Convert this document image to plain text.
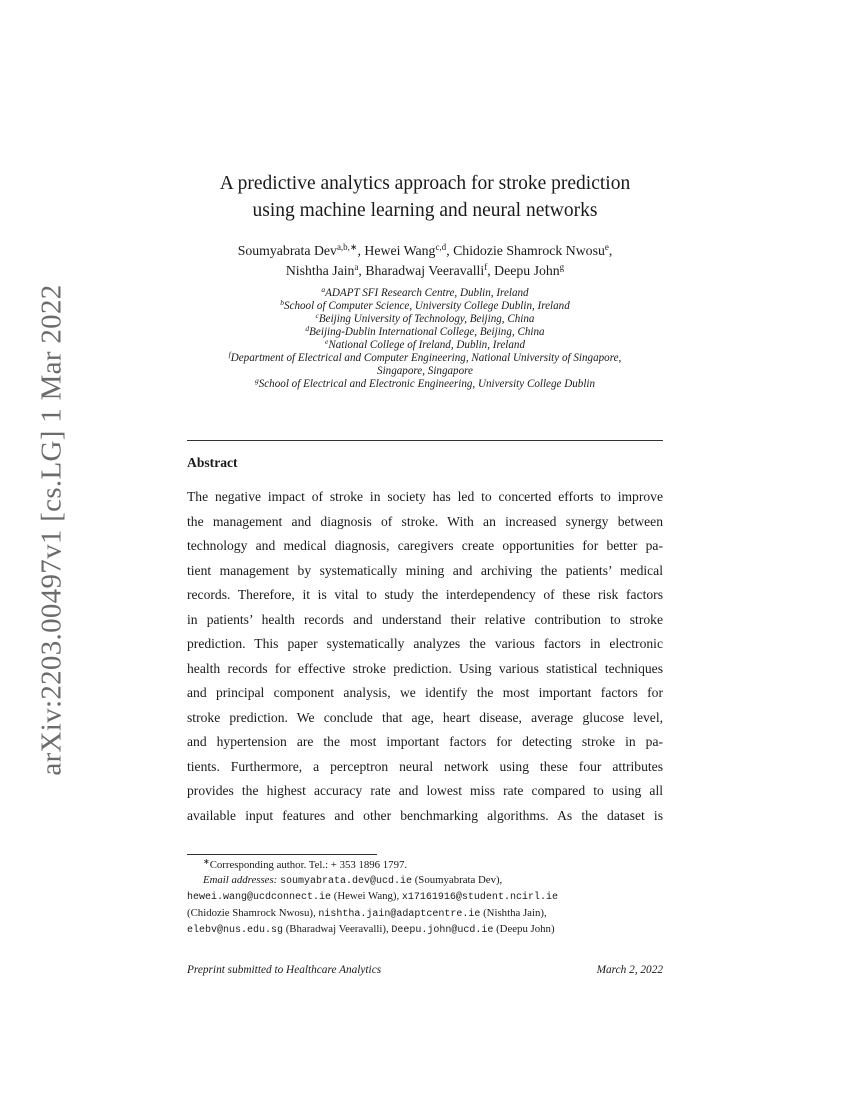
arXiv:2203.00497v1 [cs.LG] 1 Mar 2022
A predictive analytics approach for stroke prediction
using machine learning and neural networks
Soumyabrata Dev$^{a,b,∗}$, Hewei Wang$^{c,d}$, Chidozie Shamrock Nwosu$^e$,
Nishtha Jain$^a$, Bharadwaj Veeravalli$^f$, Deepu John$^g$
$^a$ADAPT SFI Research Centre, Dublin, Ireland
$^b$School of Computer Science, University College Dublin, Ireland
$^c$Beijing University of Technology, Beijing, China
$^d$Beijing-Dublin International College, Beijing, China
$^e$National College of Ireland, Dublin, Ireland
$^f$Department of Electrical and Computer Engineering, National University of Singapore,
Singapore, Singapore
$^g$School of Electrical and Electronic Engineering, University College Dublin
Abstract
The negative impact of stroke in society has led to concerted efforts to improve
the management and diagnosis of stroke. With an increased synergy between
technology and medical diagnosis, caregivers create opportunities for better pa-
tient management by systematically mining and archiving the patients’ medical
records. Therefore, it is vital to study the interdependency of these risk factors
in patients’ health records and understand their relative contribution to stroke
prediction. This paper systematically analyzes the various factors in electronic
health records for effective stroke prediction. Using various statistical techniques
and principal component analysis, we identify the most important factors for
stroke prediction. We conclude that age, heart disease, average glucose level,
and hypertension are the most important factors for detecting stroke in pa-
tients. Furthermore, a perceptron neural network using these four attributes
provides the highest accuracy rate and lowest miss rate compared to using all
available input features and other benchmarking algorithms. As the dataset is
∗Corresponding author. Tel.: + 353 1896 1797.
Email addresses: soumyabrata.dev@ucd.ie (Soumyabrata Dev),
hewei.wang@ucdconnect.ie (Hewei Wang), x17161916@student.ncirl.ie
(Chidozie Shamrock Nwosu), nishtha.jain@adaptcentre.ie (Nishtha Jain),
elebv@nus.edu.sg (Bharadwaj Veeravalli), Deepu.john@ucd.ie (Deepu John)
Preprint submitted to Healthcare Analytics	March 2, 2022
